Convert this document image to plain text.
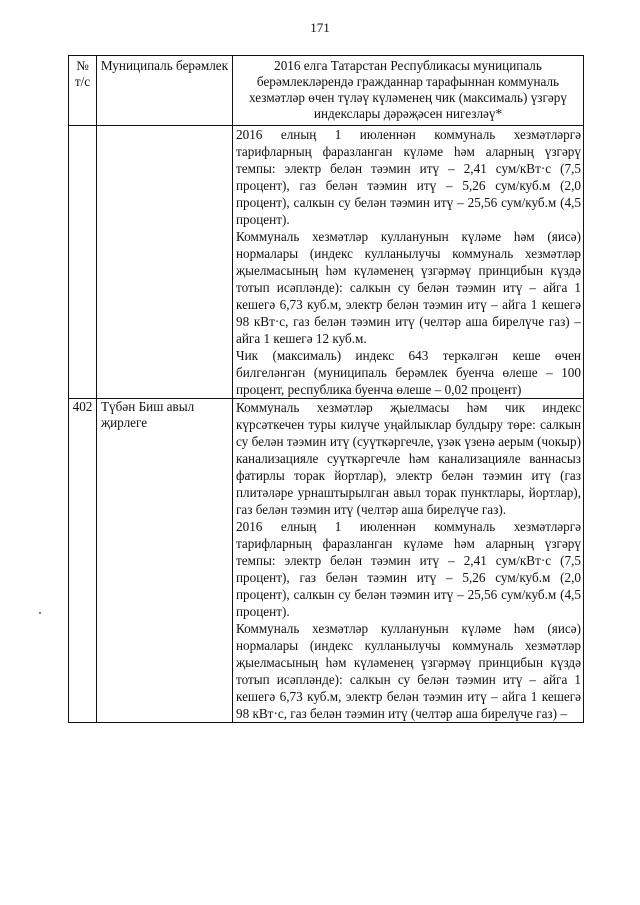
171
№ т/с	Муниципаль берәмлек	2016 елга Татарстан Республикасы муниципаль берәмлекләрендә гражданнар тарафыннан коммуналь хезмәтләр өчен түләү күләменең чик (максималь) үзгәрү индекслары дәрәҗәсен нигезләү*

		2016 елның 1 июленнән коммуналь хезмәтләргә тарифларның фаразланган күләме һәм аларның үзгәрү темпы: электр белән тәэмин итү – 2,41 сум/кВт·с (7,5 процент), газ белән тәэмин итү – 5,26 сум/куб.м (2,0 процент), салкын су белән тәэмин итү – 25,56 сум/куб.м (4,5 процент).

Коммуналь хезмәтләр кулланунын күләме һәм (яисә) нормалары (индекс кулланылучы коммуналь хезмәтләр җыелмасының һәм күләменең үзгәрмәү принцибын күздә тотып исәпләнде): салкын су белән тәэмин итү – айга 1 кешегә 6,73 куб.м, электр белән тәэмин итү – айга 1 кешегә 98 кВт·с, газ белән тәэмин итү (челтәр аша бирелүче газ) – айга 1 кешегә 12 куб.м.

Чик (максималь) индекс 643 теркәлгән кеше өчен билгеләнгән (муниципаль берәмлек буенча өлеше – 100 процент, республика буенча өлеше – 0,02 процент)

402	Түбән Биш авыл җирлеге	Коммуналь хезмәтләр җыелмасы һәм чик индекс күрсәткечен туры килүче уңайлыклар булдыру төре: салкын су белән тәэмин итү (суүткәргечле, үзәк үзенә аерым (чокыр) канализацияле суүткәргечле һәм канализацияле ваннасыз фатирлы торак йортлар), электр белән тәэмин итү (газ плитәләре урнаштырылган авыл торак пунктлары, йортлар), газ белән тәэмин итү (челтәр аша бирелүче газ).

2016 елның 1 июленнән коммуналь хезмәтләргә тарифларның фаразланган күләме һәм аларның үзгәрү темпы: электр белән тәэмин итү – 2,41 сум/кВт·с (7,5 процент), газ белән тәэмин итү – 5,26 сум/куб.м (2,0 процент), салкын су белән тәэмин итү – 25,56 сум/куб.м (4,5 процент).

Коммуналь хезмәтләр кулланунын күләме һәм (яисә) нормалары (индекс кулланылучы коммуналь хезмәтләр җыелмасының һәм күләменең үзгәрмәү принцибын күздә тотып исәпләнде): салкын су белән тәэмин итү – айга 1 кешегә 6,73 куб.м, электр белән тәэмин итү – айга 1 кешегә 98 кВт·с, газ белән тәэмин итү (челтәр аша бирелүче газ) –
